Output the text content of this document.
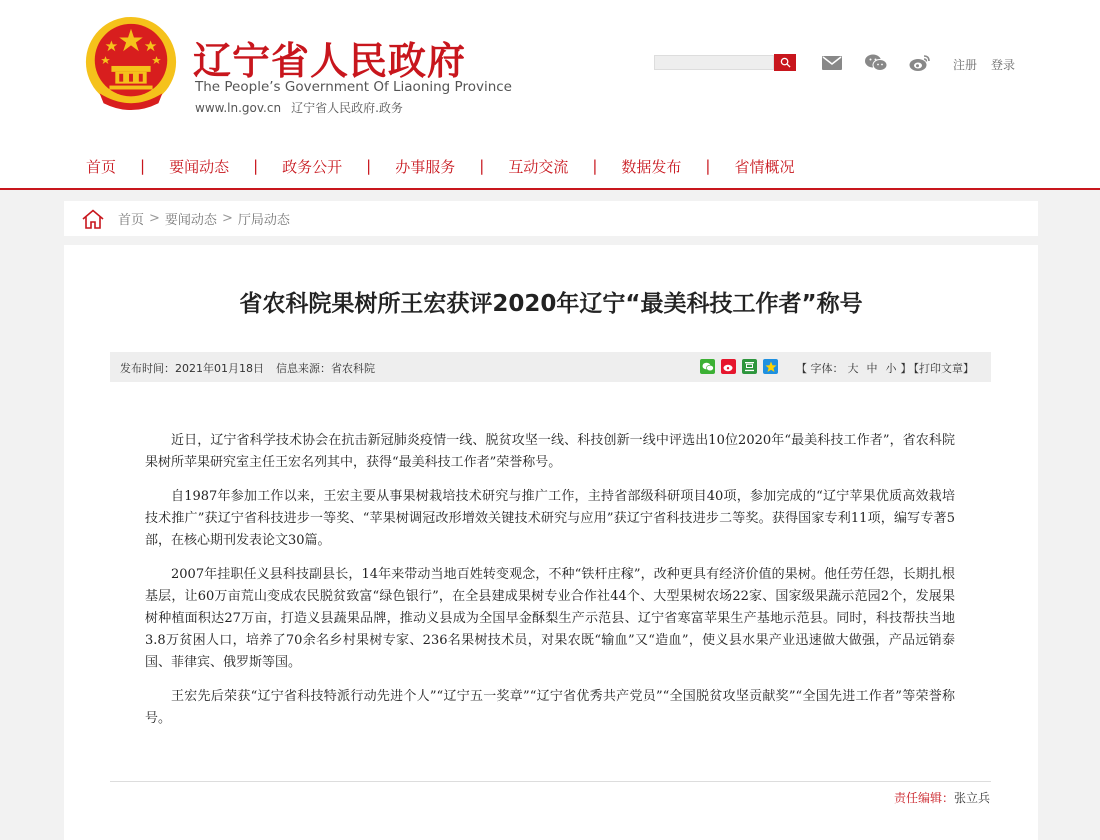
辽宁省人民政府
The People’s Government Of Liaoning Province
www.ln.gov.cn 辽宁省人民政府.政务
注册 登录
首页 | 要闻动态 | 政务公开 | 办事服务 | 互动交流 | 数据发布 | 省情概况
首页 > 要闻动态 > 厅局动态
省农科院果树所王宏获评2020年辽宁“最美科技工作者”称号
发布时间：2021年01月18日 信息来源：省农科院	【 字体： 大 中 小 】 【打印文章】

近日，辽宁省科学技术协会在抗击新冠肺炎疫情一线、脱贫攻坚一线、科技创新一线中评选出10位2020年“最美科技工作者”，省农科院果树所苹果研究室主任王宏名列其中，获得“最美科技工作者”荣誉称号。

自1987年参加工作以来，王宏主要从事果树栽培技术研究与推广工作，主持省部级科研项目40项，参加完成的“辽宁苹果优质高效栽培技术推广”获辽宁省科技进步一等奖、“苹果树调冠改形增效关键技术研究与应用”获辽宁省科技进步二等奖。获得国家专利11项，编写专著5部，在核心期刊发表论文30篇。

2007年挂职任义县科技副县长，14年来带动当地百姓转变观念，不种“铁杆庄稼”，改种更具有经济价值的果树。他任劳任怨，长期扎根基层，让60万亩荒山变成农民脱贫致富“绿色银行”，在全县建成果树专业合作社44个、大型果树农场22家、国家级果蔬示范园2个，发展果树种植面积达27万亩，打造义县蔬果品牌，推动义县成为全国早金酥梨生产示范县、辽宁省寒富苹果生产基地示范县。同时，科技帮扶当地3.8万贫困人口，培养了70余名乡村果树专家、236名果树技术员，对果农既“输血”又“造血”，使义县水果产业迅速做大做强，产品远销泰国、菲律宾、俄罗斯等国。

王宏先后荣获“辽宁省科技特派行动先进个人”“辽宁五一奖章”“辽宁省优秀共产党员”“全国脱贫攻坚贡献奖”“全国先进工作者”等荣誉称号。

责任编辑：张立兵
